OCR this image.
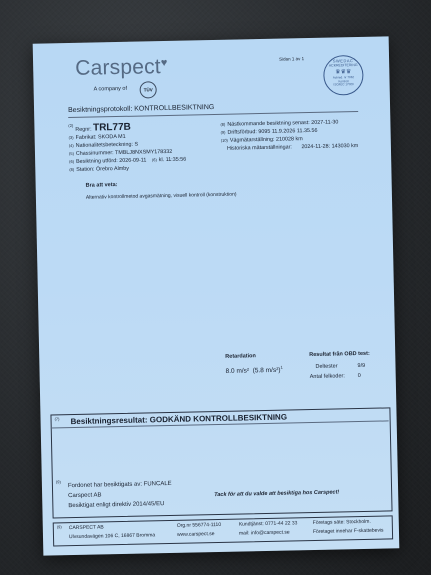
Carspect♥
A company of	TÜV
Sidan 1 av 1	SWEDAC
ACKREDITERING
♛♛♛
Ackred. nr 7062
Kontroll
ISO/IEC 17020
Besiktningsprotokoll: KONTROLLBESIKTNING
$^{(2)}$Regnr: TRL77B
$^{(3)}$ Fabrikat: SKODA M1
$^{(4)}$ Nationalitetsbeteckning: S
$^{(5)}$ Chassinummer: TMBLJ8NXSMY178332
$^{(6)}$ Besiktning utförd: 2026-09-11 $^{(6)}$ kl. 11:35:56
$^{(8)}$ Station: Örebro Almby
$^{(8)}$ Nästkommande besiktning senast: 2027-11-30
$^{(9)}$ Driftsförbud: 9095 11.9.2026 11.35.56
$^{(10)}$ Vägmätarställning: 210028 km
Historiska mätarställningar: 2024-11-28: 143030 km
Bra att veta:
Alternativ kontrollmetod avgasmätning, visuell kontroll (konstruktion)
Retardation
8.0 m/s² (5.8 m/s²)$^1$
Resultat från OBD test:
Deltester	9/9
Antal felkoder: 0
(7) Besiktningsresultat: GODKÄND KONTROLLBESIKTNING
(9) Fordonet har besiktigats av: FUNCALE
Carspect AB
Besiktigat enligt direktiv 2014/45/EU
Tack för att du valde att besiktiga hos Carspect!
(9) CARSPECT AB
Ulvsundavägen 106 C, 16867 Bromma
Org.nr 556774-1110
www.carspect.se
Kundtjänst: 0771-44 22 33
mail: info@carspect.se
Företags säte: Stockholm.
Företaget innehar F-skattebevis
